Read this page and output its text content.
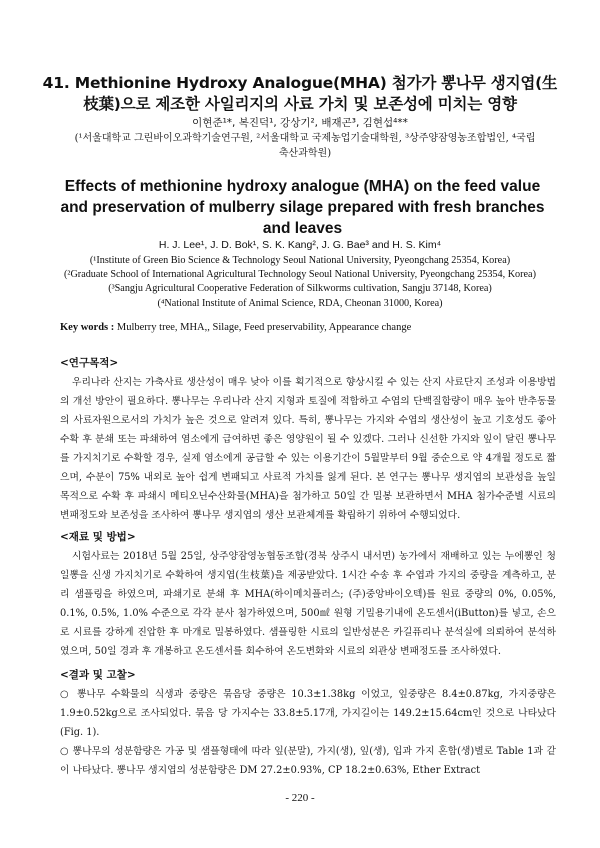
41. Methionine Hydroxy Analogue(MHA) 첨가가 뽕나무 생지엽(生枝葉)으로 제조한 사일리지의 사료 가치 및 보존성에 미치는 영향
이현준¹*, 복진덕¹, 강상기², 배재곤³, 김현섭⁴**
(¹서울대학교 그린바이오과학기술연구원, ²서울대학교 국제농업기술대학원, ³상주양잠영농조합법인, ⁴국립축산과학원)
Effects of methionine hydroxy analogue (MHA) on the feed value and preservation of mulberry silage prepared with fresh branches and leaves
H. J. Lee¹, J. D. Bok¹, S. K. Kang², J. G. Bae³ and H. S. Kim⁴
(¹Institute of Green Bio Science & Technology Seoul National University, Pyeongchang 25354, Korea)
(²Graduate School of International Agricultural Technology Seoul National University, Pyeongchang 25354, Korea)
(³Sangju Agricultural Cooperative Federation of Silkworms cultivation, Sangju 37148, Korea)
(⁴National Institute of Animal Science, RDA, Cheonan 31000, Korea)
Key words : Mulberry tree, MHA,, Silage, Feed preservability, Appearance change
<연구목적>

우리나라 산지는 가축사료 생산성이 매우 낮아 이를 획기적으로 향상시킬 수 있는 산지 사료단지 조성과 이용방법의 개선 방안이 필요하다. 뽕나무는 우리나라 산지 지형과 토질에 적합하고 수엽의 단백질함량이 매우 높아 반추동물의 사료자원으로서의 가치가 높은 것으로 알려져 있다. 특히, 뽕나무는 가지와 수엽의 생산성이 높고 기호성도 좋아 수확 후 분쇄 또는 파쇄하여 염소에게 급여하면 좋은 영양원이 될 수 있겠다. 그러나 신선한 가지와 잎이 달린 뽕나무를 가지치기로 수확할 경우, 실제 염소에게 공급할 수 있는 이용기간이 5월말부터 9월 중순으로 약 4개월 정도로 짧으며, 수분이 75% 내외로 높아 쉽게 변패되고 사료적 가치를 잃게 된다. 본 연구는 뽕나무 생지엽의 보관성을 높일 목적으로 수확 후 파쇄시 메티오닌수산화물(MHA)을 첨가하고 50일 간 밀봉 보관하면서 MHA 첨가수준별 시료의 변패정도와 보존성을 조사하여 뽕나무 생지엽의 생산 보관체계를 확립하기 위하여 수행되었다.

<재료 및 방법>

시험사료는 2018년 5월 25일, 상주양잠영농협동조합(경북 상주시 내서면) 농가에서 재배하고 있는 누에뽕인 청일뽕을 신생 가지치기로 수확하여 생지엽(生枝葉)을 제공받았다. 1시간 수송 후 수엽과 가지의 중량을 계측하고, 분리 샘플링을 하였으며, 파쇄기로 분쇄 후 MHA(하이메치플러스; (주)중앙바이오텍)를 원료 중량의 0%, 0.05%, 0.1%, 0.5%, 1.0% 수준으로 각각 분사 첨가하였으며, 500㎖ 원형 기밀용기내에 온도센서(iButton)를 넣고, 손으로 시료를 강하게 진압한 후 마개로 밀봉하였다. 샘플링한 시료의 일반성분은 카길퓨리나 분석실에 의뢰하여 분석하였으며, 50일 경과 후 개봉하고 온도센서를 회수하여 온도변화와 시료의 외관상 변패정도를 조사하였다.

<결과 및 고찰>

○ 뽕나무 수확물의 식생과 중량은 묶음당 중량은 10.3±1.38kg 이었고, 잎중량은 8.4±0.87kg, 가지중량은 1.9±0.52kg으로 조사되었다. 묶음 당 가지수는 33.8±5.17개, 가지길이는 149.2±15.64cm인 것으로 나타났다(Fig. 1).

○ 뽕나무의 성분함량은 가공 및 샘플형태에 따라 잎(분말), 가지(생), 잎(생), 입과 가지 혼합(생)별로 Table 1과 같이 나타났다. 뽕나무 생지엽의 성분함량은 DM 27.2±0.93%, CP 18.2±0.63%, Ether Extract

- 220 -
